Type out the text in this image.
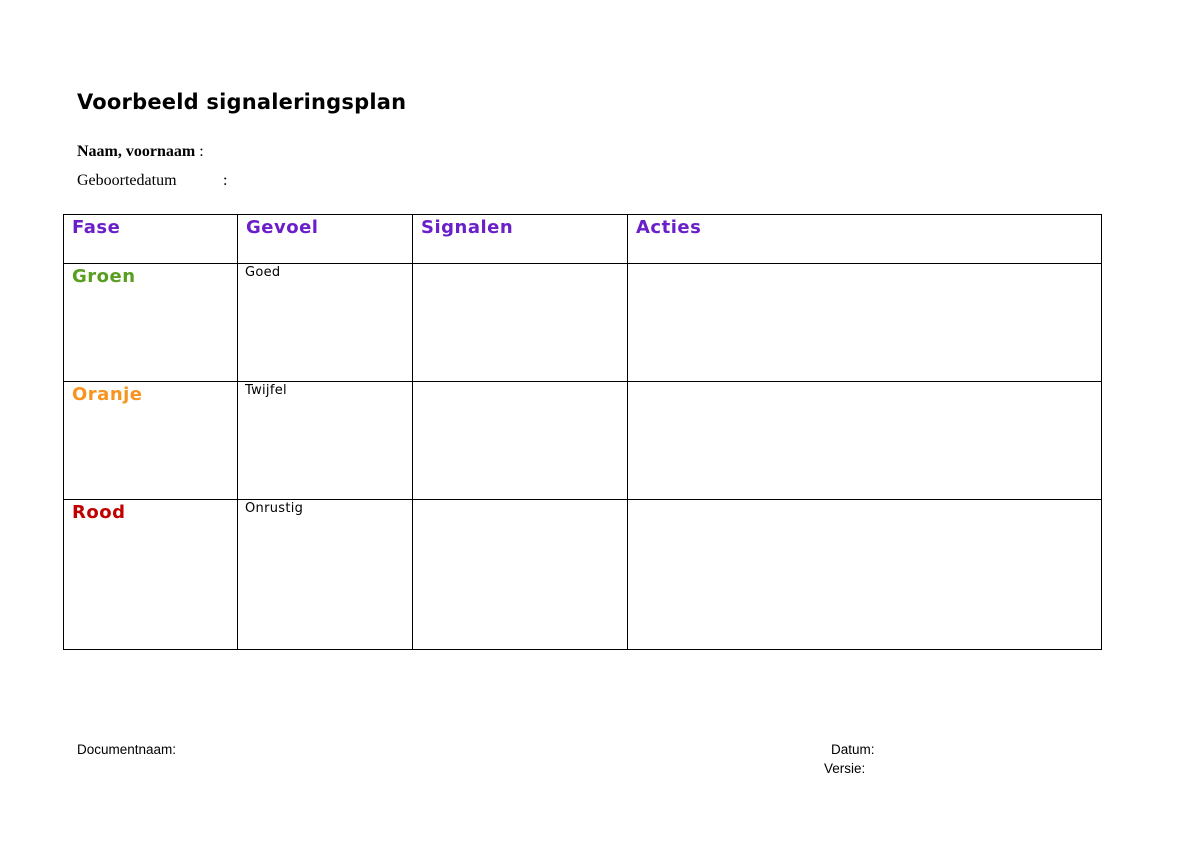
Voorbeeld signaleringsplan
Naam, voornaam :
Geboortedatum	:
Fase	Gevoel	Signalen	Acties

Groen	Goed		

Oranje	Twijfel		

Rood	Onrustig		

Documentnaam:	Datum:
Versie:
